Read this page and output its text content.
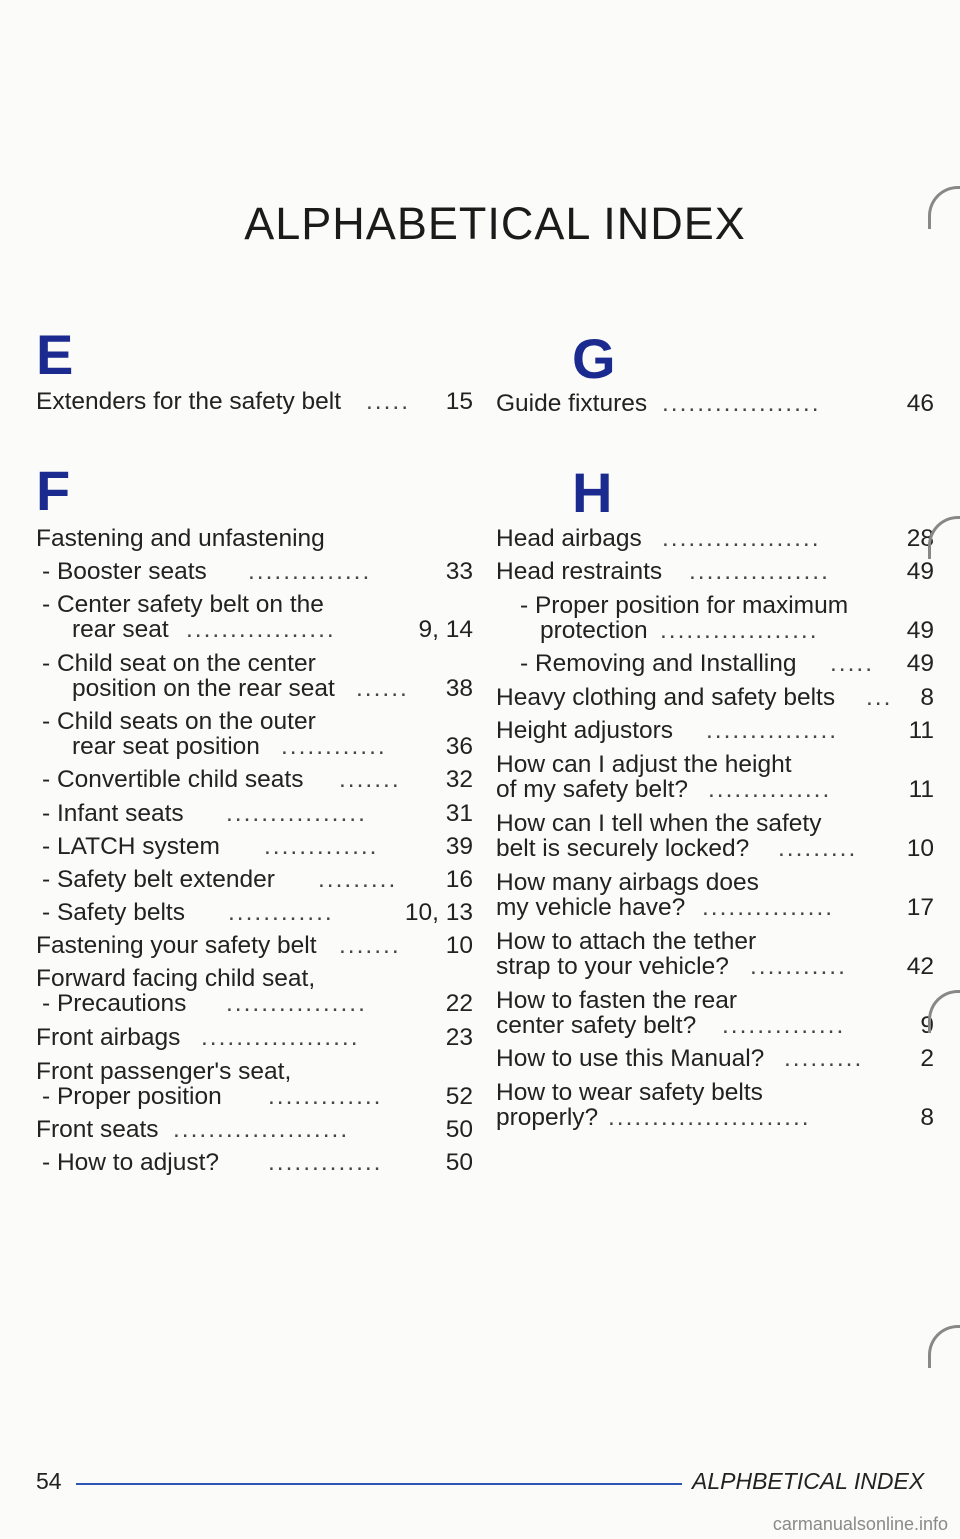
ALPHABETICAL INDEX
E
F
G
H
Extenders for the safety belt ..... 15
Fastening and unfastening
- Booster seats ..............	33
- Center safety belt on the
rear seat .................	9, 14
- Child seat on the center
position on the rear seat ...... 38
- Child seats on the outer
rear seat position ............ 36
- Convertible child seats ....... 32
- Infant seats ................	31
- LATCH system .............	39
- Safety belt extender ......... 16
- Safety belts ............	10, 13
Fastening your safety belt ....... 10
Forward facing child seat,
- Precautions ................	22
Front airbags ..................	23
Front passenger's seat,
- Proper position .............	52
Front seats ....................	50
- How to adjust? .............	50
Guide fixtures ..................	46
Head airbags ..................	28
Head restraints ................	49
- Proper position for maximum
protection ..................	49
- Removing and Installing ..... 49
Heavy clothing and safety belts ... 8
Height adjustors ...............	11
How can I adjust the height
of my safety belt? ..............	11
How can I tell when the safety
belt is securely locked? ......... 10
How many airbags does
my vehicle have? ...............	17
How to attach the tether
strap to your vehicle? ........... 42
How to fasten the rear
center safety belt? ..............	9
How to use this Manual? ......... 2
How to wear safety belts
properly? .......................	8
54	ALPHBETICAL INDEX
carmanualsonline.info
